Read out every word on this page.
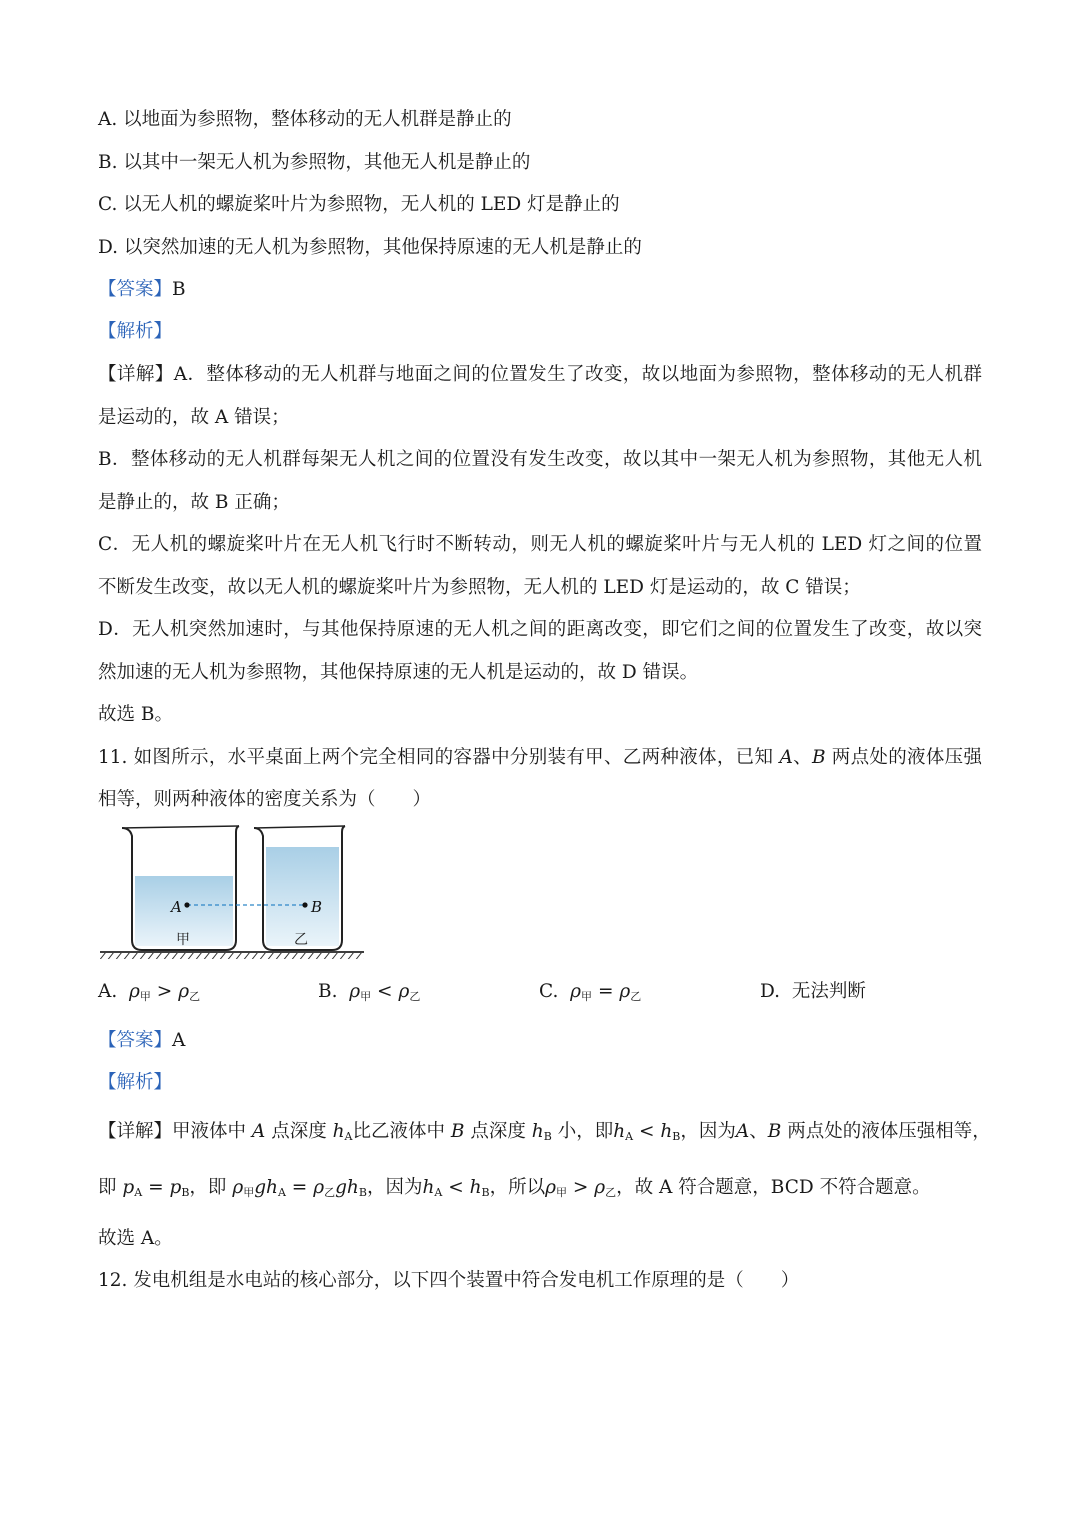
A. 以地面为参照物，整体移动的无人机群是静止的
B. 以其中一架无人机为参照物，其他无人机是静止的
C. 以无人机的螺旋桨叶片为参照物，无人机的 LED 灯是静止的
D. 以突然加速的无人机为参照物，其他保持原速的无人机是静止的
【答案】B
【解析】
【详解】A．整体移动的无人机群与地面之间的位置发生了改变，故以地面为参照物，整体移动的无人机群
是运动的，故 A 错误；
B．整体移动的无人机群每架无人机之间的位置没有发生改变，故以其中一架无人机为参照物，其他无人机
是静止的，故 B 正确；
C．无人机的螺旋桨叶片在无人机飞行时不断转动，则无人机的螺旋桨叶片与无人机的 LED 灯之间的位置
不断发生改变，故以无人机的螺旋桨叶片为参照物，无人机的 LED 灯是运动的，故 C 错误；
D．无人机突然加速时，与其他保持原速的无人机之间的距离改变，即它们之间的位置发生了改变，故以突
然加速的无人机为参照物，其他保持原速的无人机是运动的，故 D 错误。
故选 B。
11. 如图所示，水平桌面上两个完全相同的容器中分别装有甲、乙两种液体，已知 A、B 两点处的液体压强
相等，则两种液体的密度关系为（　　）
A	B
甲	乙
A. $\rho_甲 > \rho_乙$	B. $\rho_甲 < \rho_乙$	C. $\rho_甲 = \rho_乙$	D. 无法判断
【答案】A
【解析】
【详解】甲液体中 A 点深度 $h_A$比乙液体中 B 点深度 $h_B$ 小，即$h_A < h_B$，因为A、B 两点处的液体压强相等，
即 $p_A = p_B$，即 $\rho_甲gh_A = \rho_乙gh_B$，因为$h_A < h_B$，所以$\rho_甲 > \rho_乙$，故 A 符合题意，BCD 不符合题意。
故选 A。
12. 发电机组是水电站的核心部分，以下四个装置中符合发电机工作原理的是（　　）
